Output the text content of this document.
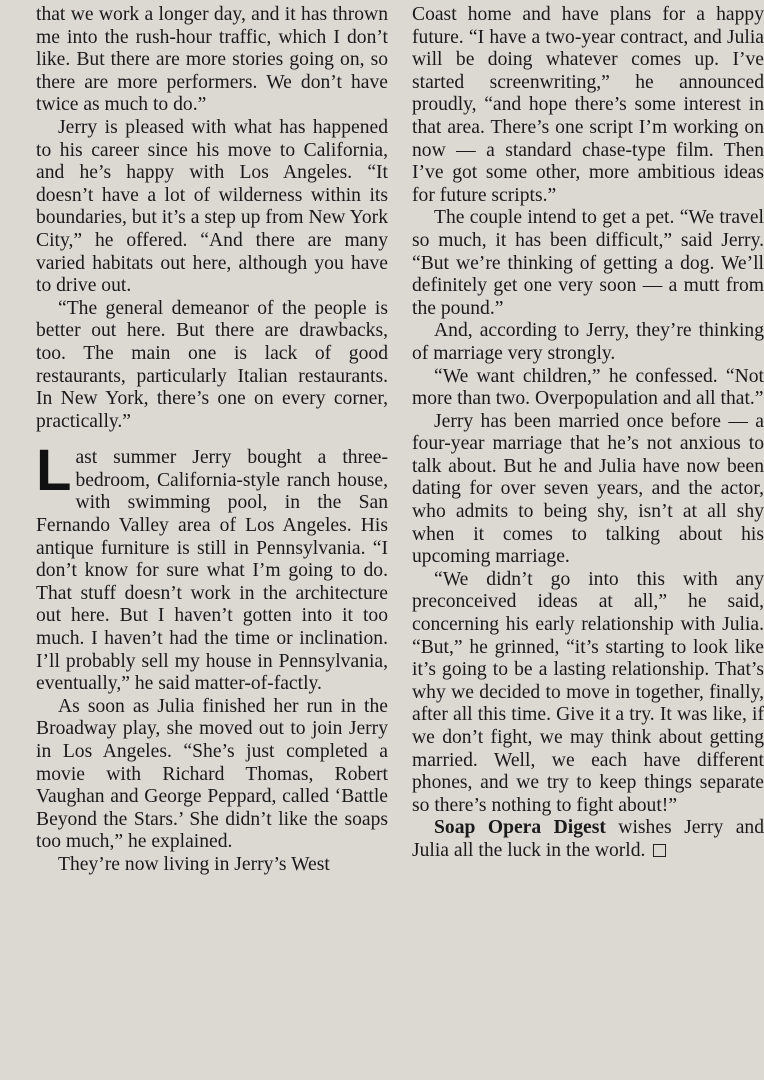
that we work a longer day, and it has thrown me into the rush-hour traffic, which I don’t like. But there are more stories going on, so there are more performers. We don’t have twice as much to do.”

Jerry is pleased with what has happened to his career since his move to California, and he’s happy with Los Angeles. “It doesn’t have a lot of wilderness within its boundaries, but it’s a step up from New York City,” he offered. “And there are many varied habitats out here, although you have to drive out.

“The general demeanor of the people is better out here. But there are drawbacks, too. The main one is lack of good restaurants, particularly Italian restaurants. In New York, there’s one on every corner, practically.”

Last summer Jerry bought a three-bedroom, California-style ranch house, with swimming pool, in the San Fernando Valley area of Los Angeles. His antique furniture is still in Pennsylvania. “I don’t know for sure what I’m going to do. That stuff doesn’t work in the architecture out here. But I haven’t gotten into it too much. I haven’t had the time or inclination. I’ll probably sell my house in Pennsylvania, eventually,” he said matter-of-factly.

As soon as Julia finished her run in the Broadway play, she moved out to join Jerry in Los Angeles. “She’s just completed a movie with Richard Thomas, Robert Vaughan and George Peppard, called ‘Battle Beyond the Stars.’ She didn’t like the soaps too much,” he explained.

They’re now living in Jerry’s West

Coast home and have plans for a happy future. “I have a two-year contract, and Julia will be doing whatever comes up. I’ve started screenwriting,” he announced proudly, “and hope there’s some interest in that area. There’s one script I’m working on now — a standard chase-type film. Then I’ve got some other, more ambitious ideas for future scripts.”

The couple intend to get a pet. “We travel so much, it has been difficult,” said Jerry. “But we’re thinking of getting a dog. We’ll definitely get one very soon — a mutt from the pound.”

And, according to Jerry, they’re thinking of marriage very strongly.

“We want children,” he confessed. “Not more than two. Overpopulation and all that.”

Jerry has been married once before — a four-year marriage that he’s not anxious to talk about. But he and Julia have now been dating for over seven years, and the actor, who admits to being shy, isn’t at all shy when it comes to talking about his upcoming marriage.

“We didn’t go into this with any preconceived ideas at all,” he said, concerning his early relationship with Julia. “But,” he grinned, “it’s starting to look like it’s going to be a lasting relationship. That’s why we decided to move in together, finally, after all this time. Give it a try. It was like, if we don’t fight, we may think about getting married. Well, we each have different phones, and we try to keep things separate so there’s nothing to fight about!”

Soap Opera Digest wishes Jerry and Julia all the luck in the world.
